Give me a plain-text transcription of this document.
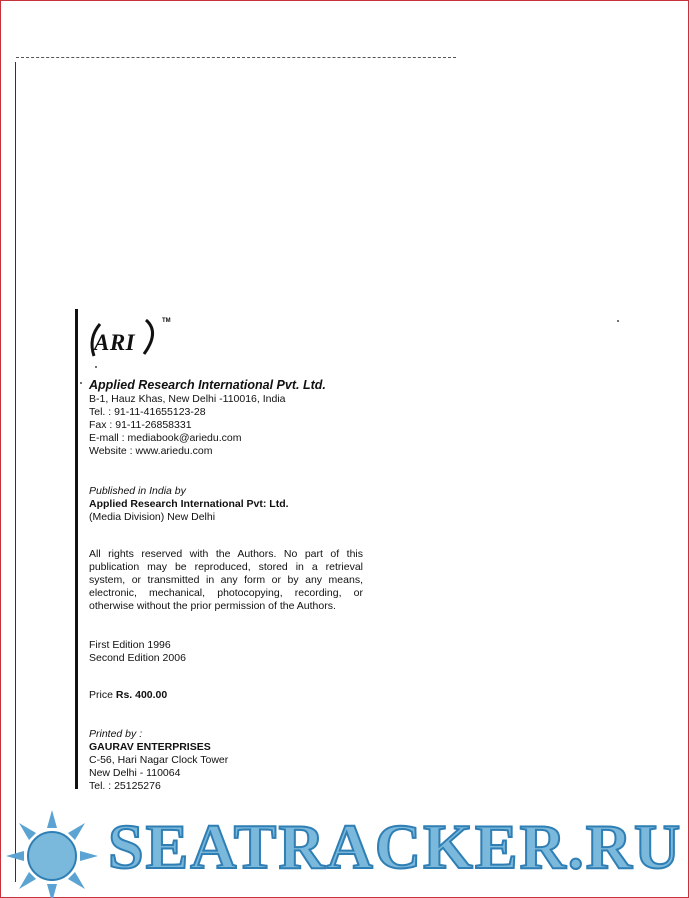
ARI
TM
Applied Research International Pvt. Ltd.
B-1, Hauz Khas, New Delhi -110016, India
Tel. : 91-11-41655123-28
Fax : 91-11-26858331
E-mall : mediabook@ariedu.com
Website : www.ariedu.com
Published in India by
Applied Research International Pvt: Ltd.
(Media Division) New Delhi
All rights reserved with the Authors. No part of this publication may be reproduced, stored in a retrieval system, or transmitted in any form or by any means, electronic, mechanical, photocopying, recording, or otherwise without the prior permission of the Authors.
First Edition 1996
Second Edition 2006
Price Rs. 400.00
Printed by :
GAURAV ENTERPRISES
C-56, Hari Nagar Clock Tower
New Delhi - 110064
Tel. : 25125276
SEATRACKER.RU
